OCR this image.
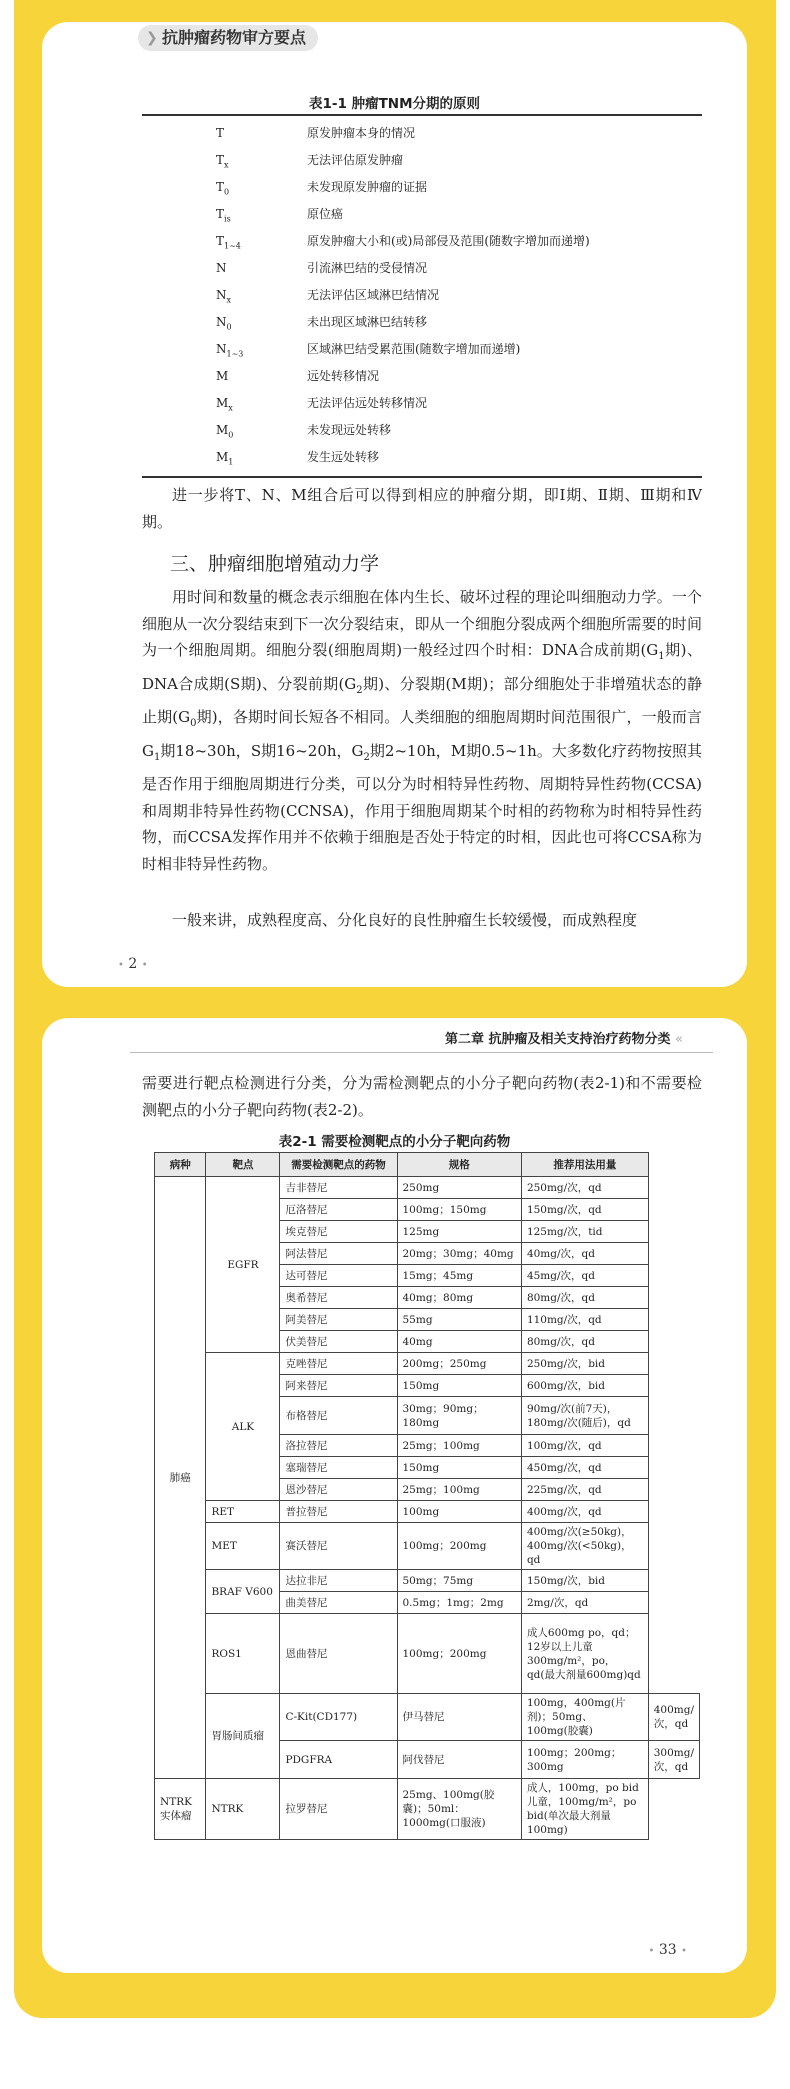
❯ 抗肿瘤药物审方要点
表1-1 肿瘤TNM分期的原则
T	原发肿瘤本身的情况
$T_x$	无法评估原发肿瘤
$T_0$	未发现原发肿瘤的证据
$T_{is}$	原位癌
$T_{1\sim 4}$	原发肿瘤大小和(或)局部侵及范围(随数字增加而递增)
N	引流淋巴结的受侵情况
$N_x$	无法评估区域淋巴结情况
$N_0$	未出现区域淋巴结转移
$N_{1\sim 3}$	区域淋巴结受累范围(随数字增加而递增)
M	远处转移情况
$M_x$	无法评估远处转移情况
$M_0$	未发现远处转移
$M_1$	发生远处转移
进一步将T、N、M组合后可以得到相应的肿瘤分期，即Ⅰ期、Ⅱ期、Ⅲ期和Ⅳ期。
三、肿瘤细胞增殖动力学
用时间和数量的概念表示细胞在体内生长、破坏过程的理论叫细胞动力学。一个细胞从一次分裂结束到下一次分裂结束，即从一个细胞分裂成两个细胞所需要的时间为一个细胞周期。细胞分裂(细胞周期)一般经过四个时相：DNA合成前期($G_1$期)、DNA合成期(S期)、分裂前期($G_2$期)、分裂期(M期)；部分细胞处于非增殖状态的静止期($G_0$期)，各期时间长短各不相同。人类细胞的细胞周期时间范围很广，一般而言$G_1$期18~30h，S期16~20h，$G_2$期2~10h，M期0.5~1h。大多数化疗药物按照其是否作用于细胞周期进行分类，可以分为时相特异性药物、周期特异性药物(CCSA)和周期非特异性药物(CCNSA)，作用于细胞周期某个时相的药物称为时相特异性药物，而CCSA发挥作用并不依赖于细胞是否处于特定的时相，因此也可将CCSA称为时相非特异性药物。
一般来讲，成熟程度高、分化良好的良性肿瘤生长较缓慢，而成熟程度
• 2 •
第二章 抗肿瘤及相关支持治疗药物分类 «
需要进行靶点检测进行分类，分为需检测靶点的小分子靶向药物(表2-1)和不需要检测靶点的小分子靶向药物(表2-2)。
表2-1 需要检测靶点的小分子靶向药物
病种	靶点	需要检测靶点的药物	规格	推荐用法用量	
肺癌	EGFR	吉非替尼	250mg	250mg/次，qd	
		厄洛替尼	100mg；150mg	150mg/次，qd	
		埃克替尼	125mg	125mg/次，tid	
		阿法替尼	20mg；30mg；40mg	40mg/次，qd	
		达可替尼	15mg；45mg	45mg/次，qd	
		奥希替尼	40mg；80mg	80mg/次，qd	
		阿美替尼	55mg	110mg/次，qd	
		伏美替尼	40mg	80mg/次，qd	
	ALK	克唑替尼	200mg；250mg	250mg/次，bid	
		阿来替尼	150mg	600mg/次，bid	
		布格替尼	30mg；90mg；180mg	90mg/次(前7天)，180mg/次(随后)，qd	
		洛拉替尼	25mg；100mg	100mg/次，qd	
		塞瑞替尼	150mg	450mg/次，qd	
		恩沙替尼	25mg；100mg	225mg/次，qd	
	RET	普拉替尼	100mg	400mg/次，qd	
	MET	赛沃替尼	100mg；200mg	400mg/次(≥50kg)，400mg/次(<50kg)，qd	
	BRAF V600	达拉非尼	50mg；75mg	150mg/次，bid	
		曲美替尼	0.5mg；1mg；2mg	2mg/次，qd	
	ROS1	恩曲替尼	100mg；200mg	成人600mg po，qd；12岁以上儿童300mg/m²，po，qd(最大剂量600mg)qd	
	胃肠间质瘤	C-Kit(CD177)	伊马替尼	100mg，400mg(片剂)；50mg、100mg(胶囊)	400mg/次，qd
		PDGFRA	阿伐替尼	100mg；200mg；300mg	300mg/次，qd
NTRK实体瘤	NTRK	拉罗替尼	25mg、100mg(胶囊)；50ml：1000mg(口服液)	成人，100mg，po bid 儿童，100mg/m²，po bid(单次最大剂量100mg)	
• 33 •
